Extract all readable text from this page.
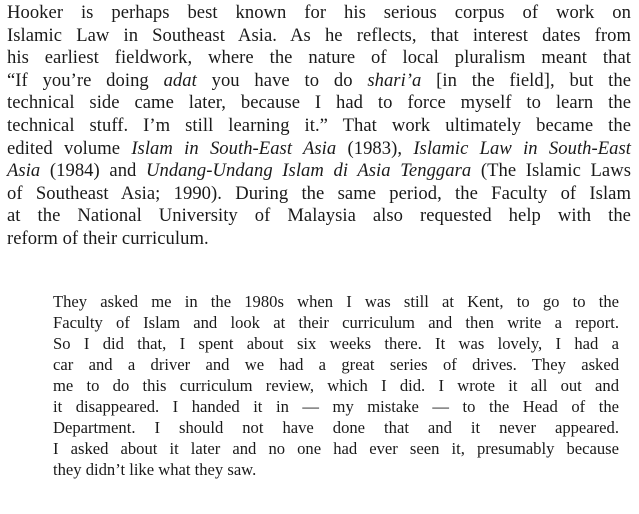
Hooker is perhaps best known for his serious corpus of work on
Islamic Law in Southeast Asia. As he reflects, that interest dates from
his earliest fieldwork, where the nature of local pluralism meant that
“If you’re doing adat you have to do shari’a [in the field], but the
technical side came later, because I had to force myself to learn the
technical stuff. I’m still learning it.” That work ultimately became the
edited volume Islam in South-East Asia (1983), Islamic Law in South-East
Asia (1984) and Undang-Undang Islam di Asia Tenggara (The Islamic Laws
of Southeast Asia; 1990). During the same period, the Faculty of Islam
at the National University of Malaysia also requested help with the
reform of their curriculum.

They asked me in the 1980s when I was still at Kent, to go to the
Faculty of Islam and look at their curriculum and then write a report.
So I did that, I spent about six weeks there. It was lovely, I had a
car and a driver and we had a great series of drives. They asked
me to do this curriculum review, which I did. I wrote it all out and
it disappeared. I handed it in — my mistake — to the Head of the
Department. I should not have done that and it never appeared.
I asked about it later and no one had ever seen it, presumably because
they didn’t like what they saw.
